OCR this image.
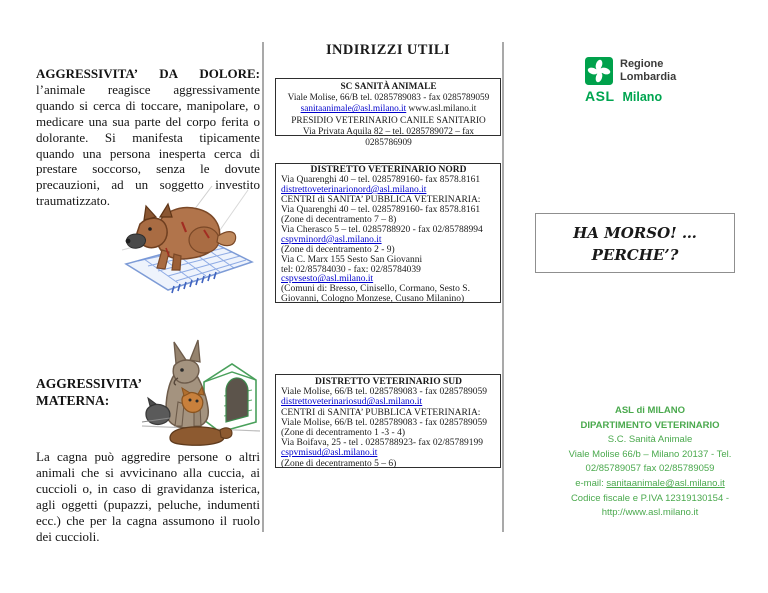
AGGRESSIVITA’ DA DOLORE: l’animale reagisce aggressivamente quando si cerca di toccare, manipolare, o medicare una sua parte del corpo ferita o dolorante. Si manifesta tipicamente quando una persona inesperta cerca di prestare soccorso, senza le dovute precauzioni, ad un soggetto investito traumatizzato.

AGGRESSIVITA’
MATERNA:

La cagna può aggredire persone o altri animali che si avvicinano alla cuccia, ai cuccioli o, in caso di gravidanza isterica, agli oggetti (pupazzi, peluche, indumenti ecc.) che per la cagna assumono il ruolo dei cuccioli.

INDIRIZZI UTILI
SC SANITÀ ANIMALE
Viale Molise, 66/B tel. 0285789083 - fax 0285789059
sanitaanimale@asl.milano.it www.asl.milano.it
PRESIDIO VETERINARIO CANILE SANITARIO
Via Privata Aquila 82 – tel. 0285789072 – fax 0285786909
DISTRETTO VETERINARIO NORD
Via Quarenghi 40 – tel. 0285789160- fax 8578.8161
distrettoveterinarionord@asl.milano.it
CENTRI di SANITA’ PUBBLICA VETERINARIA:
Via Quarenghi 40 – tel. 0285789160- fax 8578.8161
(Zone di decentramento 7 – 8)
Via Cherasco 5 – tel. 0285788920 - fax 02/85788994
cspvminord@asl.milano.it
(Zone di decentramento 2 - 9)
Via C. Marx 155 Sesto San Giovanni
tel: 02/85784030 - fax: 02/85784039
cspvsesto@asl.milano.it
(Comuni di: Bresso, Cinisello, Cormano, Sesto S. Giovanni, Cologno Monzese, Cusano Milanino)
DISTRETTO VETERINARIO SUD
Viale Molise, 66/B tel. 0285789083 - fax 0285789059
distrettoveterinariosud@asl.milano.it
CENTRI di SANITA’ PUBBLICA VETERINARIA:
Viale Molise, 66/B tel. 0285789083 - fax 0285789059
(Zone di decentramento 1 -3 - 4)
Via Boifava, 25 - tel . 0285788923- fax 02/85789199
cspvmisud@asl.milano.it
(Zone di decentramento 5 – 6)
Regione
Lombardia
ASL Milano
HA MORSO! …
PERCHE’?
ASL di MILANO
DIPARTIMENTO VETERINARIO
S.C. Sanità Animale
Viale Molise 66/b – Milano 20137 - Tel.
02/85789057 fax 02/85789059
e-mail: sanitaanimale@asl.milano.it
Codice fiscale e P.IVA 12319130154 -
http://www.asl.milano.it
